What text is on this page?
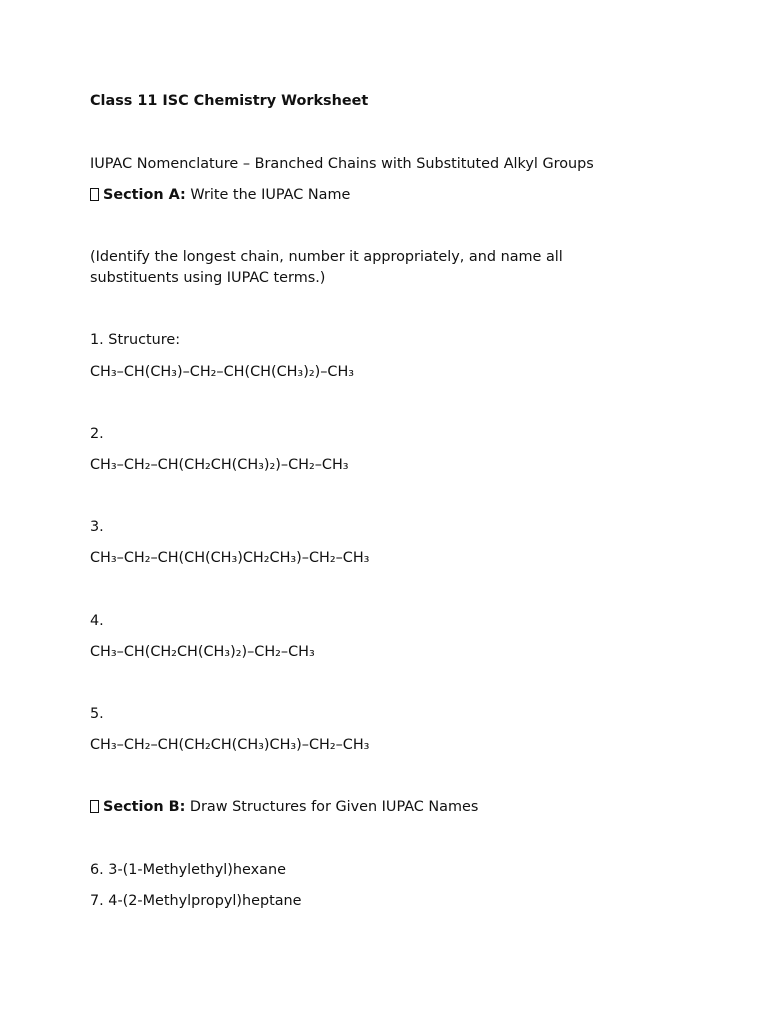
Class 11 ISC Chemistry Worksheet
IUPAC Nomenclature – Branched Chains with Substituted Alkyl Groups
Section A: Write the IUPAC Name
(Identify the longest chain, number it appropriately, and name all substituents using IUPAC terms.)
1. Structure:
CH₃–CH(CH₃)–CH₂–CH(CH(CH₃)₂)–CH₃
2.
CH₃–CH₂–CH(CH₂CH(CH₃)₂)–CH₂–CH₃
3.
CH₃–CH₂–CH(CH(CH₃)CH₂CH₃)–CH₂–CH₃
4.
CH₃–CH(CH₂CH(CH₃)₂)–CH₂–CH₃
5.
CH₃–CH₂–CH(CH₂CH(CH₃)CH₃)–CH₂–CH₃
Section B: Draw Structures for Given IUPAC Names
6. 3-(1-Methylethyl)hexane
7. 4-(2-Methylpropyl)heptane
